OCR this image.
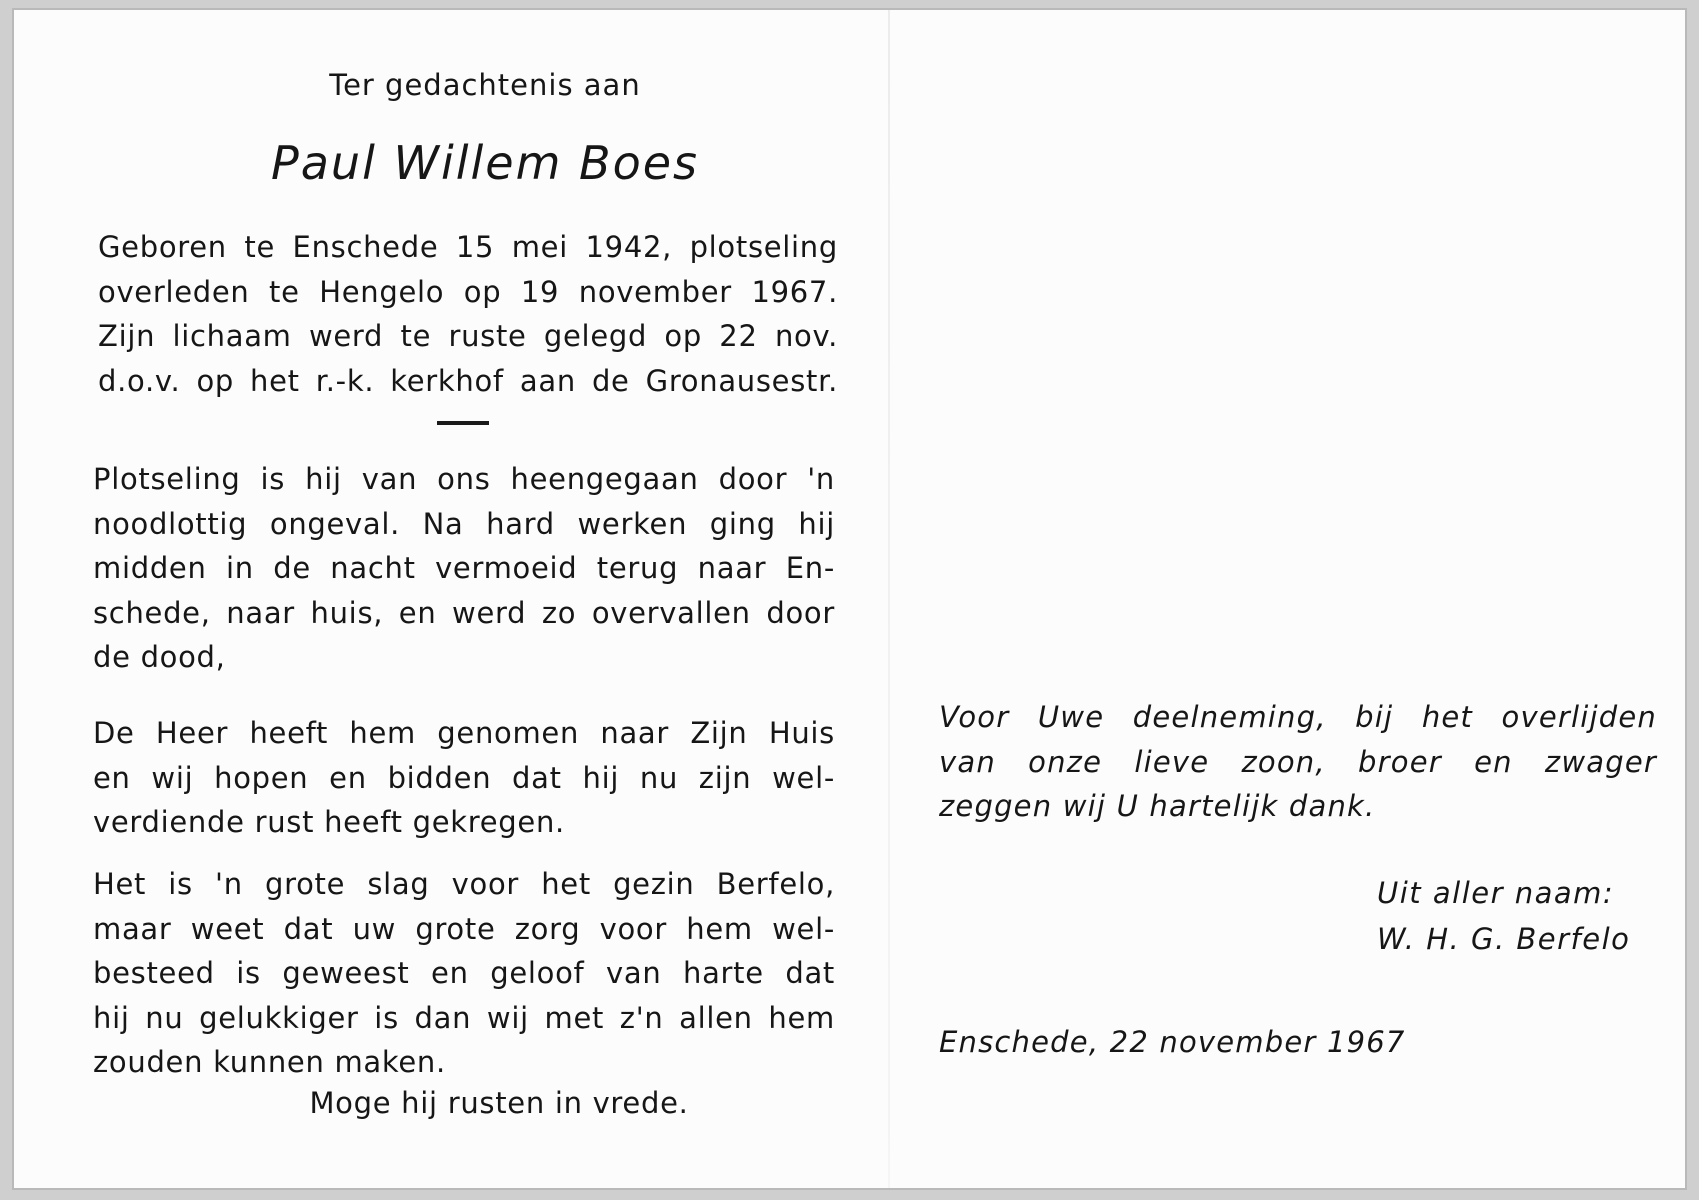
Ter gedachtenis aan
Paul Willem Boes
Geboren te Enschede 15 mei 1942, plotseling
overleden te Hengelo op 19 november 1967.
Zijn lichaam werd te ruste gelegd op 22 nov.
d.o.v. op het r.-k. kerkhof aan de Gronausestr.
Plotseling is hij van ons heengegaan door 'n
noodlottig ongeval. Na hard werken ging hij
midden in de nacht vermoeid terug naar En-
schede, naar huis, en werd zo overvallen door
de dood,
De Heer heeft hem genomen naar Zijn Huis
en wij hopen en bidden dat hij nu zijn wel-
verdiende rust heeft gekregen.
Het is 'n grote slag voor het gezin Berfelo,
maar weet dat uw grote zorg voor hem wel-
besteed is geweest en geloof van harte dat
hij nu gelukkiger is dan wij met z'n allen hem
zouden kunnen maken.
Moge hij rusten in vrede.
Voor Uwe deelneming, bij het overlijden
van onze lieve zoon, broer en zwager
zeggen wij U hartelijk dank.
Uit aller naam:
W. H. G. Berfelo
Enschede, 22 november 1967
